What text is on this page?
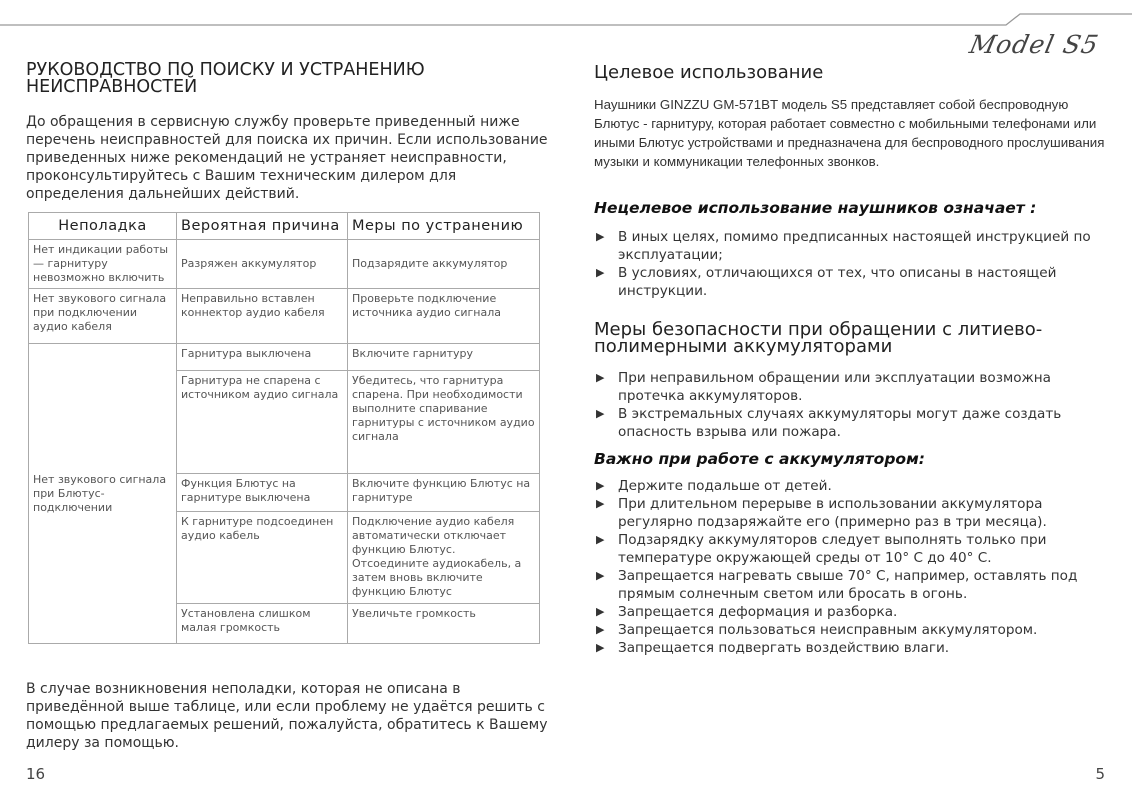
Model S5
РУКОВОДСТВО ПО ПОИСКУ И УСТРАНЕНИЮ НЕИСПРАВНОСТЕЙ
До обращения в сервисную службу проверьте приведенный ниже перечень неисправностей для поиска их причин. Если использование приведенных ниже рекомендаций не устраняет неисправности, проконсультируйтесь с Вашим техническим дилером для определения дальнейших действий.
Неполадка	Вероятная причина	Меры по устранению
Нет индикации работы — гарнитуру невозможно включить	Разряжен аккумулятор	Подзарядите аккумулятор
Нет звукового сигнала при подключении аудио кабеля	Неправильно вставлен коннектор аудио кабеля	Проверьте подключение источника аудио сигнала
Нет звукового сигнала при Блютус-подключении	Гарнитура выключена	Включите гарнитуру
	Гарнитура не спарена с источником аудио сигнала	Убедитесь, что гарнитура спарена. При необходимости выполните спаривание гарнитуры с источником аудио сигнала
	Функция Блютус на гарнитуре выключена	Включите функцию Блютус на гарнитуре
	К гарнитуре подсоединен аудио кабель	Подключение аудио кабеля автоматически отключает функцию Блютус. Отсоедините аудиокабель, а затем вновь включите функцию Блютус
	Установлена слишком малая громкость	Увеличьте громкость
В случае возникновения неполадки, которая не описана в приведённой выше таблице, или если проблему не удаётся решить с помощью предлагаемых решений, пожалуйста, обратитесь к Вашему дилеру за помощью.
16
Целевое использование
Наушники GINZZU GM-571BT модель S5 представляет собой беспроводную Блютус - гарнитуру, которая работает совместно с мобильными телефонами или иными Блютус устройствами и предназначена для беспроводного прослушивания музыки и коммуникации телефонных звонков.
Нецелевое использование наушников означает :
▶ В иных целях, помимо предписанных настоящей инструкцией по эксплуатации;
▶ В условиях, отличающихся от тех, что описаны в настоящей инструкции.
Меры безопасности при обращении с литиево-полимерными аккумуляторами
▶ При неправильном обращении или эксплуатации возможна протечка аккумуляторов.
▶ В экстремальных случаях аккумуляторы могут даже создать опасность взрыва или пожара.
Важно при работе с аккумулятором:
▶ Держите подальше от детей.
▶ При длительном перерыве в использовании аккумулятора регулярно подзаряжайте его (примерно раз в три месяца).
▶ Подзарядку аккумуляторов следует выполнять только при температуре окружающей среды от 10° С до 40° С.
▶ Запрещается нагревать свыше 70° С, например, оставлять под прямым солнечным светом или бросать в огонь.
▶ Запрещается деформация и разборка.
▶ Запрещается пользоваться неисправным аккумулятором.
▶ Запрещается подвергать воздействию влаги.
5
